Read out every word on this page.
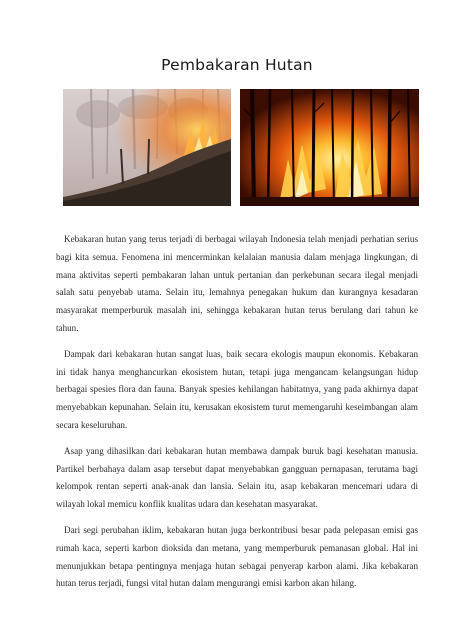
Pembakaran Hutan

Kebakaran hutan yang terus terjadi di berbagai wilayah Indonesia telah menjadi perhatian serius bagi kita semua. Fenomena ini mencerminkan kelalaian manusia dalam menjaga lingkungan, di mana aktivitas seperti pembakaran lahan untuk pertanian dan perkebunan secara ilegal menjadi salah satu penyebab utama. Selain itu, lemahnya penegakan hukum dan kurangnya kesadaran masyarakat memperburuk masalah ini, sehingga kebakaran hutan terus berulang dari tahun ke tahun.

Dampak dari kebakaran hutan sangat luas, baik secara ekologis maupun ekonomis. Kebakaran ini tidak hanya menghancurkan ekosistem hutan, tetapi juga mengancam kelangsungan hidup berbagai spesies flora dan fauna. Banyak spesies kehilangan habitatnya, yang pada akhirnya dapat menyebabkan kepunahan. Selain itu, kerusakan ekosistem turut memengaruhi keseimbangan alam secara keseluruhan.

Asap yang dihasilkan dari kebakaran hutan membawa dampak buruk bagi kesehatan manusia. Partikel berbahaya dalam asap tersebut dapat menyebabkan gangguan pernapasan, terutama bagi kelompok rentan seperti anak-anak dan lansia. Selain itu, asap kebakaran mencemari udara di wilayah lokal memicu konflik kualitas udara dan kesehatan masyarakat.

Dari segi perubahan iklim, kebakaran hutan juga berkontribusi besar pada pelepasan emisi gas rumah kaca, seperti karbon dioksida dan metana, yang memperburuk pemanasan global. Hal ini menunjukkan betapa pentingnya menjaga hutan sebagai penyerap karbon alami. Jika kebakaran hutan terus terjadi, fungsi vital hutan dalam mengurangi emisi karbon akan hilang.
